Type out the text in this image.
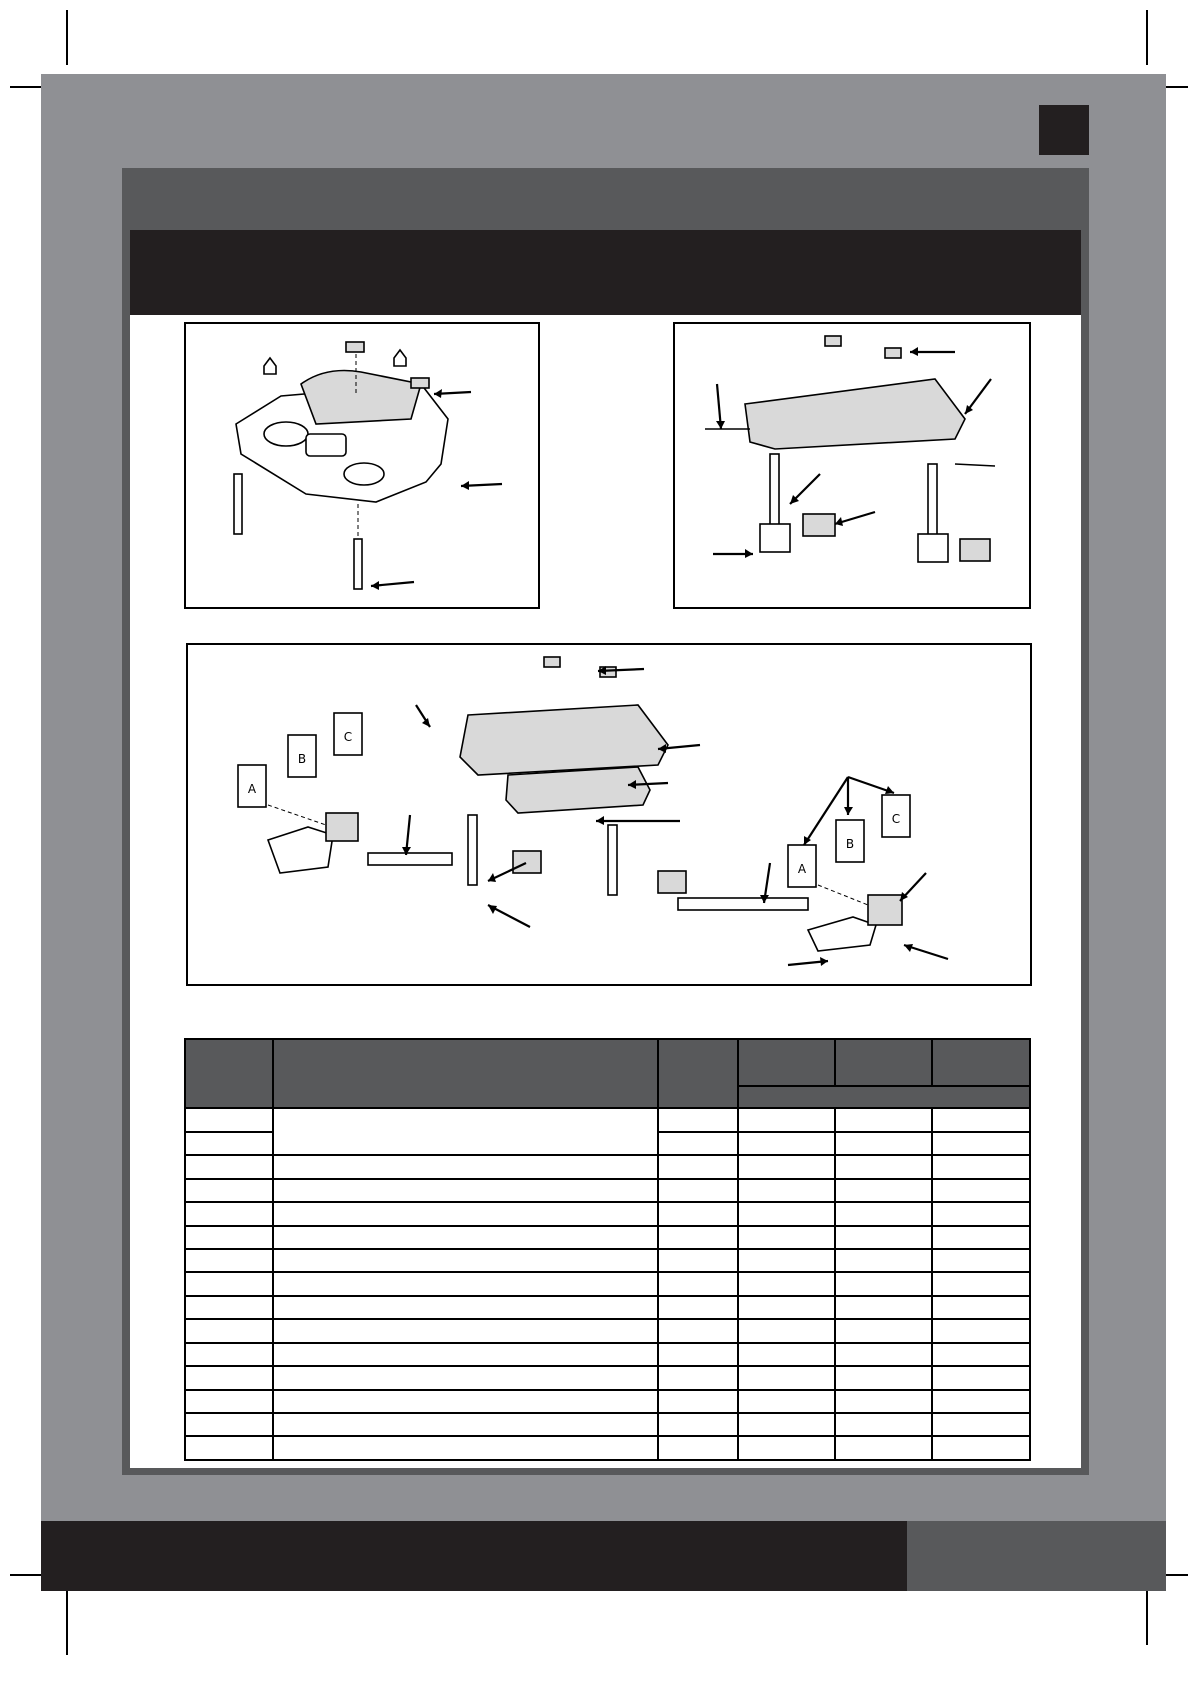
A
B
C
A
B
C
